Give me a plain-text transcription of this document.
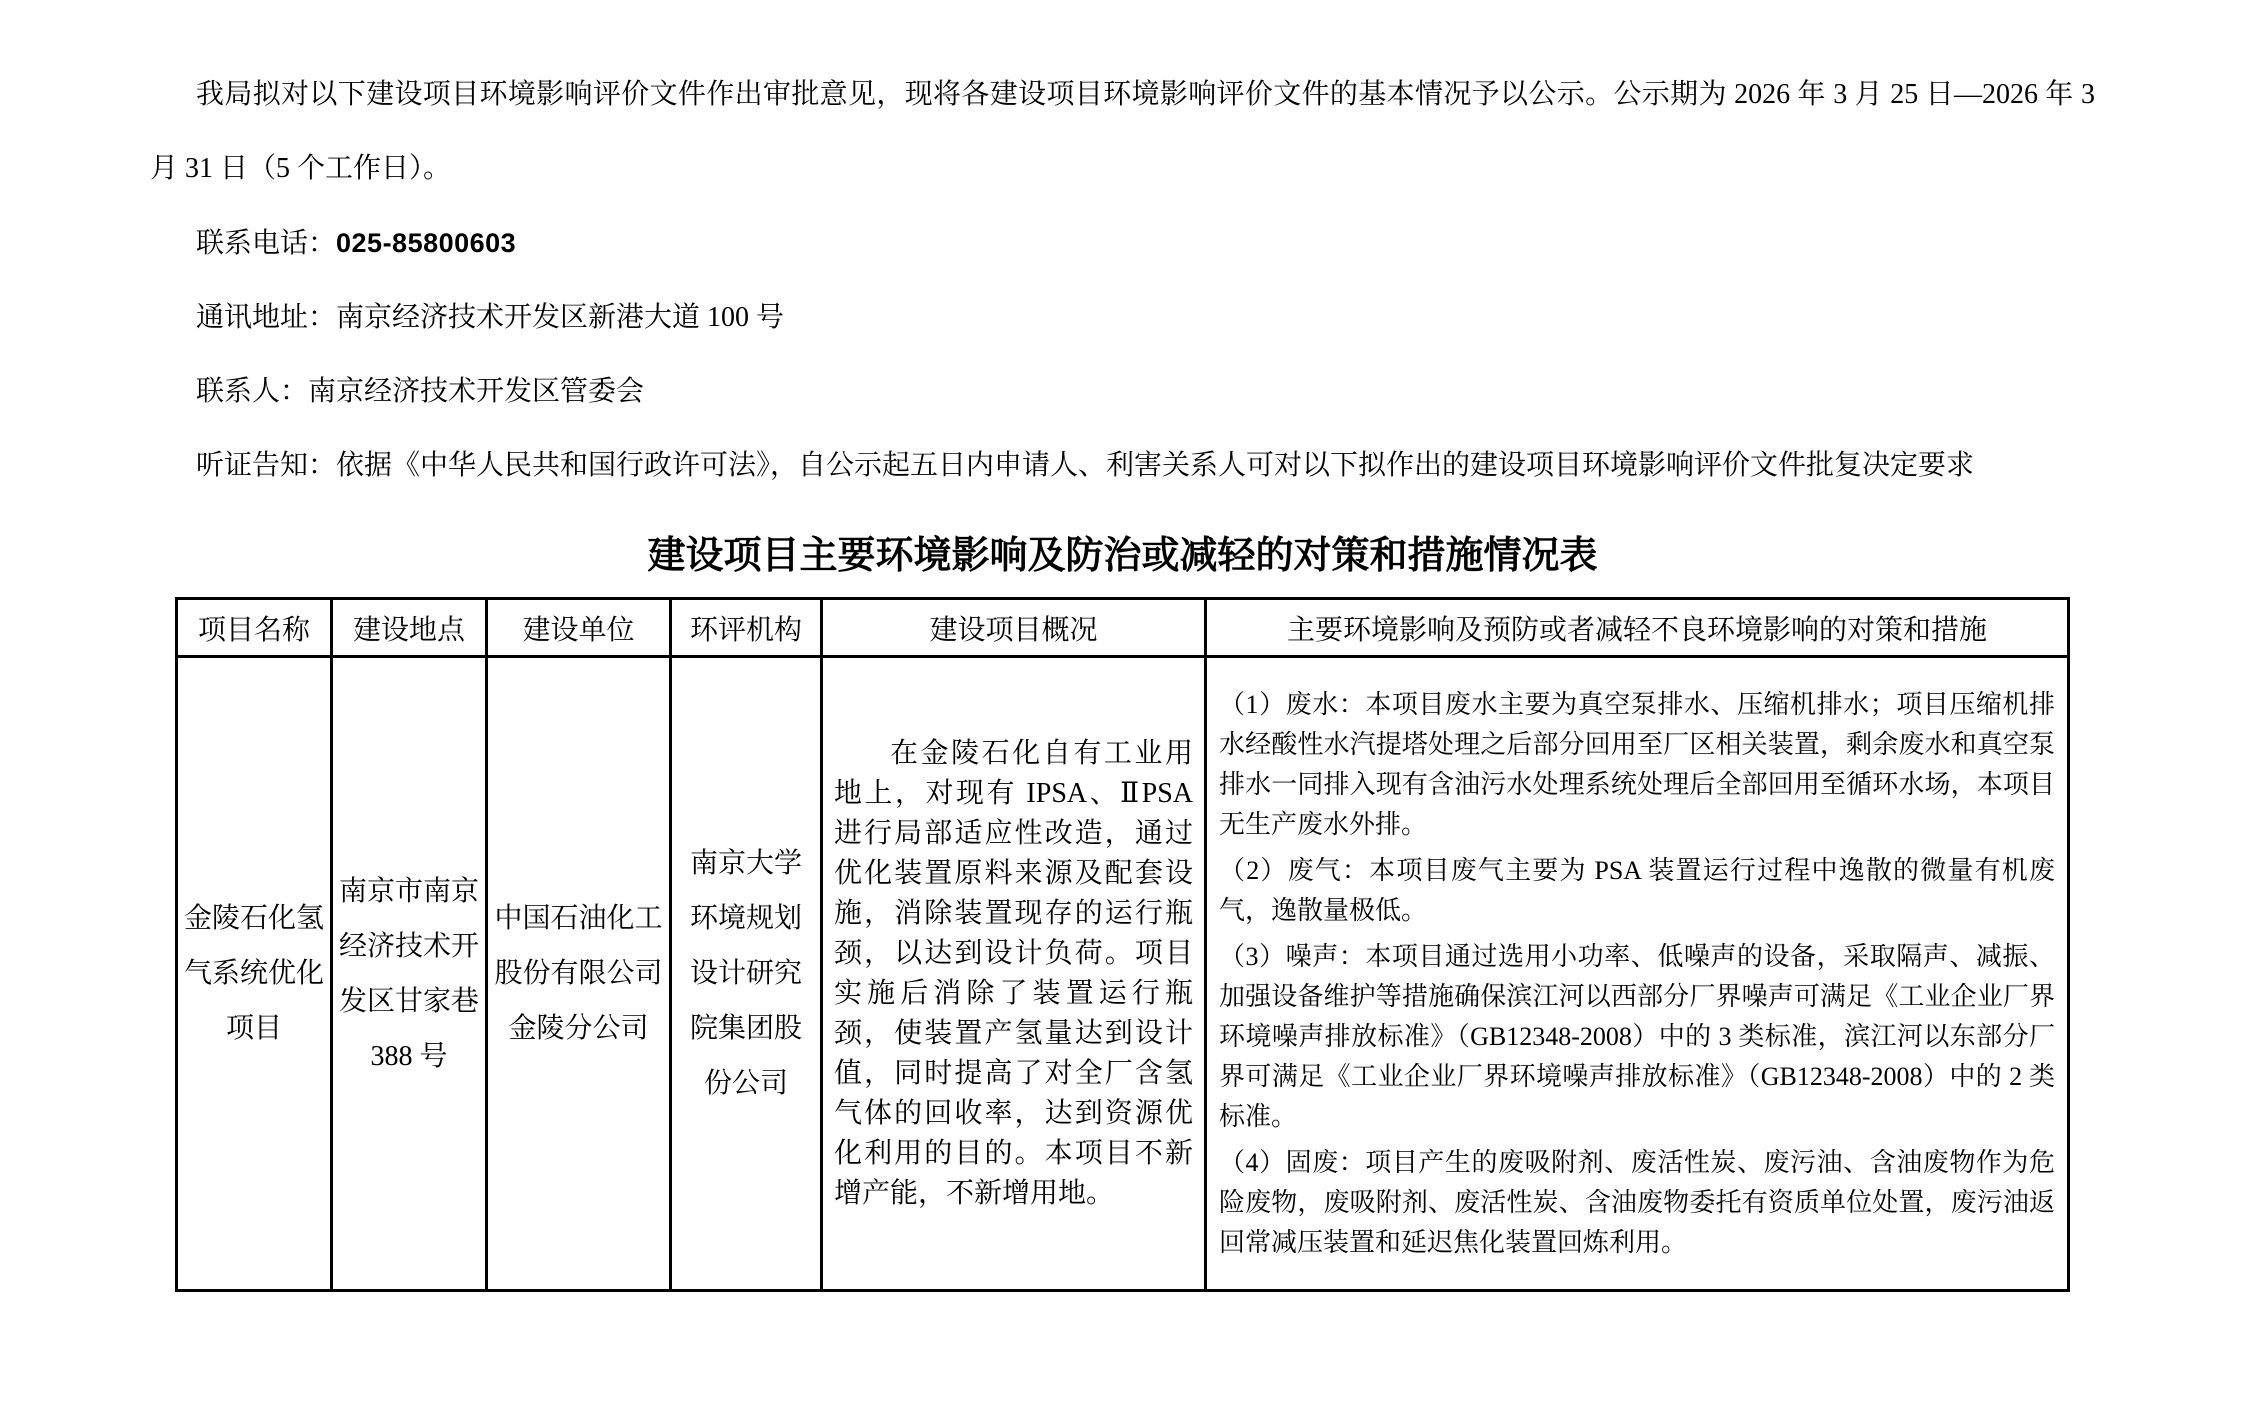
我局拟对以下建设项目环境影响评价文件作出审批意见，现将各建设项目环境影响评价文件的基本情况予以公示。公示期为 2026 年 3 月 25 日—2026 年 3 月 31 日（5 个工作日）。

联系电话：025-85800603

通讯地址：南京经济技术开发区新港大道 100 号

联系人：南京经济技术开发区管委会

听证告知：依据《中华人民共和国行政许可法》，自公示起五日内申请人、利害关系人可对以下拟作出的建设项目环境影响评价文件批复决定要求

建设项目主要环境影响及防治或减轻的对策和措施情况表
项目名称	建设地点	建设单位	环评机构	建设项目概况	主要环境影响及预防或者减轻不良环境影响的对策和措施
金陵石化氢气系统优化项目	南京市南京经济技术开发区甘家巷 388 号	中国石油化工股份有限公司金陵分公司	南京大学环境规划设计研究院集团股份公司	在金陵石化自有工业用地上，对现有 IPSA、ⅡPSA 进行局部适应性改造，通过优化装置原料来源及配套设施，消除装置现存的运行瓶颈，以达到设计负荷。项目实施后消除了装置运行瓶颈，使装置产氢量达到设计值，同时提高了对全厂含氢气体的回收率，达到资源优化利用的目的。本项目不新增产能，不新增用地。	（1）废水：本项目废水主要为真空泵排水、压缩机排水；项目压缩机排水经酸性水汽提塔处理之后部分回用至厂区相关装置，剩余废水和真空泵排水一同排入现有含油污水处理系统处理后全部回用至循环水场，本项目无生产废水外排。

（2）废气：本项目废气主要为 PSA 装置运行过程中逸散的微量有机废气，逸散量极低。

（3）噪声：本项目通过选用小功率、低噪声的设备，采取隔声、减振、加强设备维护等措施确保滨江河以西部分厂界噪声可满足《工业企业厂界环境噪声排放标准》（GB12348-2008）中的 3 类标准，滨江河以东部分厂界可满足《工业企业厂界环境噪声排放标准》（GB12348-2008）中的 2 类标准。

（4）固废：项目产生的废吸附剂、废活性炭、废污油、含油废物作为危险废物，废吸附剂、废活性炭、含油废物委托有资质单位处置，废污油返回常减压装置和延迟焦化装置回炼利用。
